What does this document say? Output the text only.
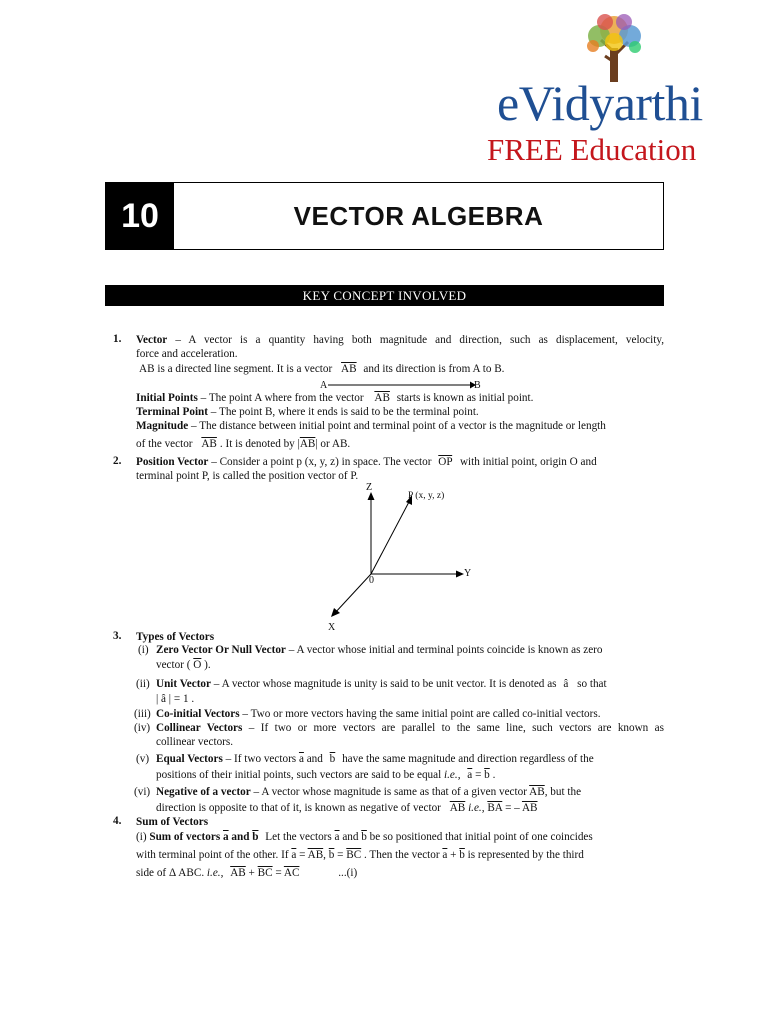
eVidyarthi
FREE Education
10	VECTOR ALGEBRA
KEY CONCEPT INVOLVED
1. Vector – A vector is a quantity having both magnitude and direction, such as displacement, velocity,
force and acceleration.
AB is a directed line segment. It is a vector $\overline{AB}$ and its direction is from A to B.
A	B
Initial Points – The point A where from the vector $\overline{AB}$ starts is known as initial point.
Terminal Point – The point B, where it ends is said to be the terminal point.
Magnitude – The distance between initial point and terminal point of a vector is the magnitude or length
of the vector $\overline{AB}$ . It is denoted by $|\overline{AB}|$ or AB.
2. Position Vector – Consider a point p (x, y, z) in space. The vector $\overline{OP}$ with initial point, origin O and
terminal point P, is called the position vector of P.
Z
Y
X
0
P (x, y, z)
3. Types of Vectors
(i) Zero Vector Or Null Vector – A vector whose initial and terminal points coincide is known as zero
vector ( $\overline{O}$ ).
(ii) Unit Vector – A vector whose magnitude is unity is said to be unit vector. It is denoted as â so that
| â | = 1 .
(iii) Co-initial Vectors – Two or more vectors having the same initial point are called co-initial vectors.
(iv) Collinear Vectors – If two or more vectors are parallel to the same line, such vectors are known as
collinear vectors.
(v) Equal Vectors – If two vectors $\overline{a}$ and $\overline{b}$ have the same magnitude and direction regardless of the
positions of their initial points, such vectors are said to be equal i.e., $\overline{a} = \overline{b}$ .
(vi) Negative of a vector – A vector whose magnitude is same as that of a given vector $\overline{AB}$, but the
direction is opposite to that of it, is known as negative of vector $\overline{AB}$ i.e., $\overline{BA}$ = – $\overline{AB}$
4. Sum of Vectors
(i) Sum of vectors $\overline{a}$ and $\overline{b}$ Let the vectors $\overline{a}$ and $\overline{b}$ be so positioned that initial point of one coincides
with terminal point of the other. If $\overline{a} = \overline{AB}$, $\overline{b} = \overline{BC}$ . Then the vector $\overline{a} + \overline{b}$ is represented by the third
side of Δ ABC. i.e., $\overline{AB} + \overline{BC} = \overline{AC}$	...(i)
